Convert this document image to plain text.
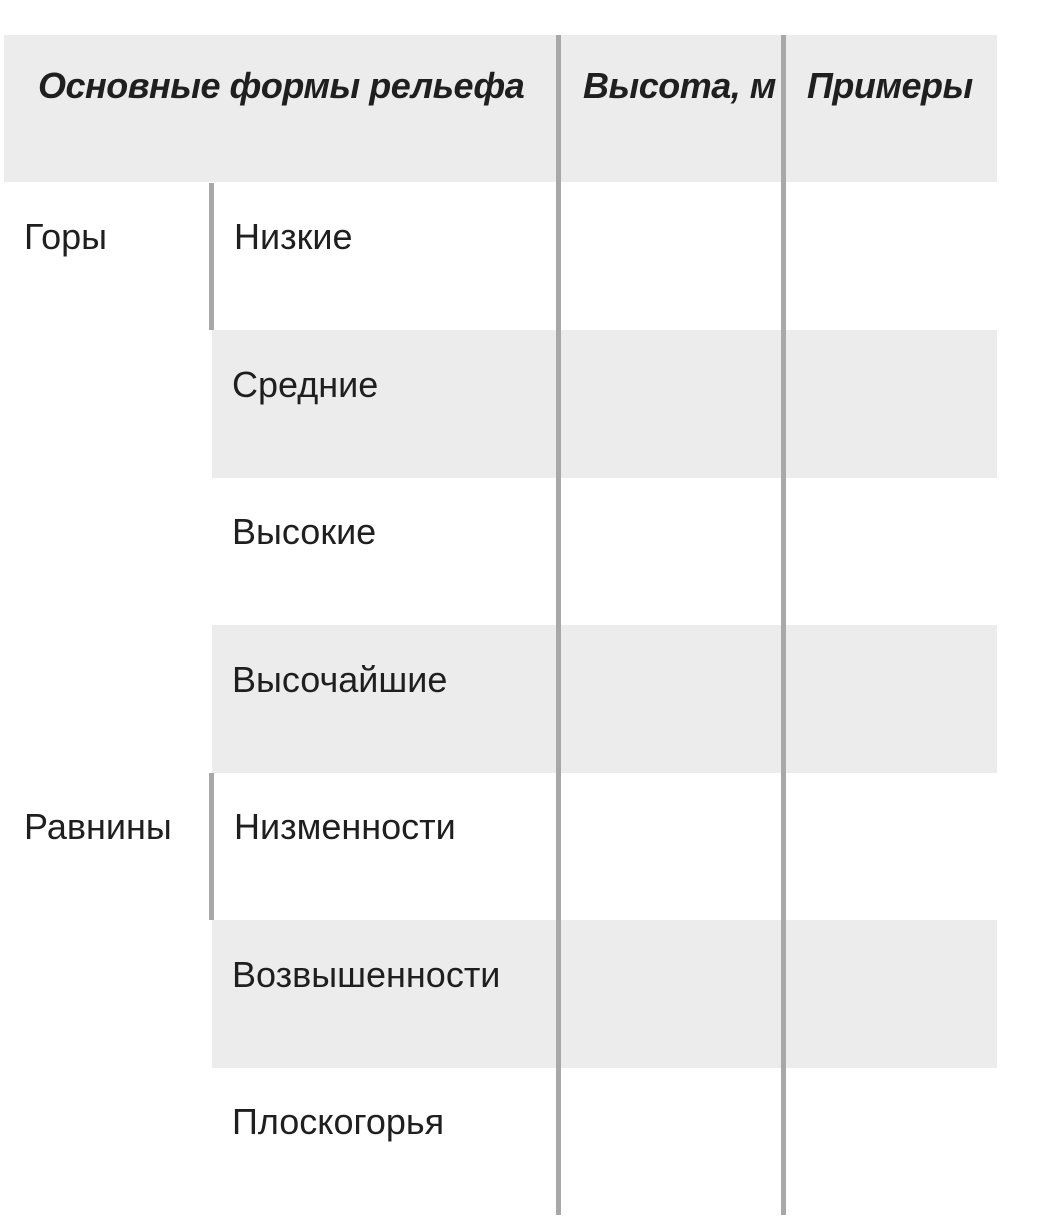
Основные формы рельефа Высота, м Примеры
Горы
Равнины
Низкие
Средние
Высокие
Высочайшие
Низменности
Возвышенности
Плоскогорья
